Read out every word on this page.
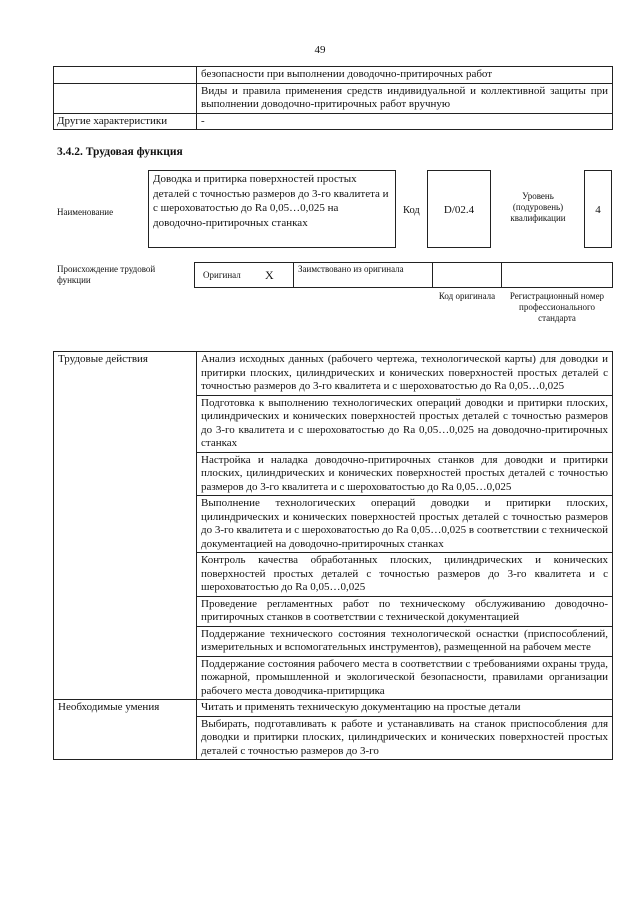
49
	безопасности при выполнении доводочно-притирочных работ
	Виды и правила применения средств индивидуальной и коллективной защиты при выполнении доводочно-притирочных работ вручную
Другие характеристики	-
3.4.2. Трудовая функция
Наименование
Доводка и притирка поверхностей простых деталей с точностью размеров до 3-го квалитета и с шероховатостью до Ra 0,05…0,025 на доводочно-притирочных станках
Код	D/02.4
Уровень (подуровень) квалификации
4
Происхождение трудовой функции	Оригинал X	Заимствовано из оригинала
Код оригинала	Регистрационный номер профессионального стандарта
Трудовые действия	Анализ исходных данных (рабочего чертежа, технологической карты) для доводки и притирки плоских, цилиндрических и конических поверхностей простых деталей с точностью размеров до 3-го квалитета и с шероховатостью до Ra 0,05…0,025
	Подготовка к выполнению технологических операций доводки и притирки плоских, цилиндрических и конических поверхностей простых деталей с точностью размеров до 3-го квалитета и с шероховатостью до Ra 0,05…0,025 на доводочно-притирочных станках
	Настройка и наладка доводочно-притирочных станков для доводки и притирки плоских, цилиндрических и конических поверхностей простых деталей с точностью размеров до 3-го квалитета и с шероховатостью до Ra 0,05…0,025
	Выполнение технологических операций доводки и притирки плоских, цилиндрических и конических поверхностей простых деталей с точностью размеров до 3-го квалитета и с шероховатостью до Ra 0,05…0,025 в соответствии с технической документацией на доводочно-притирочных станках
	Контроль качества обработанных плоских, цилиндрических и конических поверхностей простых деталей с точностью размеров до 3-го квалитета и с шероховатостью до Ra 0,05…0,025
	Проведение регламентных работ по техническому обслуживанию доводочно-притирочных станков в соответствии с технической документацией
	Поддержание технического состояния технологической оснастки (приспособлений, измерительных и вспомогательных инструментов), размещенной на рабочем месте
	Поддержание состояния рабочего места в соответствии с требованиями охраны труда, пожарной, промышленной и экологической безопасности, правилами организации рабочего места доводчика-притирщика
Необходимые умения	Читать и применять техническую документацию на простые детали
	Выбирать, подготавливать к работе и устанавливать на станок приспособления для доводки и притирки плоских, цилиндрических и конических поверхностей простых деталей с точностью размеров до 3-го
